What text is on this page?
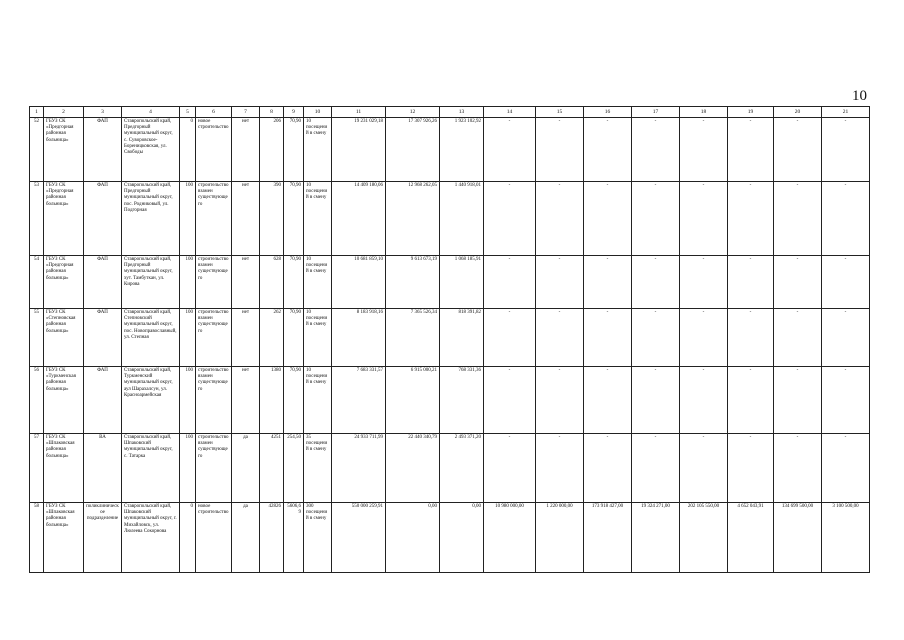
10
1	2	3	4	5	6	7	8	9	10	11	12	13	14	15	16	17	18	19	20	21
52	ГБУЗ СК «Предгорная районная больница»	ФАП	Ставропольский край, Предгорный муниципальный округ, с. Суворовское-Бореницковская, ул. Свободы	0	новое строительство	нет	206	70,90	10 посещений в смену	19 231 029,18	17 307 926,26	1 923 102,92	-	-	-	-	-	-	-	-
53	ГБУЗ СК «Предгорная районная больница»	ФАП	Ставропольский край, Предгорный муниципальный округ, пос. Родниковый, ул. Подгорная	100	строительство взамен существующего	нет	390	70,90	10 посещений в смену	14 409 180,06	12 968 262,05	1 440 918,01	-	-	-	-	-	-	-	-
54	ГБУЗ СК «Предгорная районная больница»	ФАП	Ставропольский край, Предгорный муниципальный округ, хут. Тамбуткан, ул. Кирова	100	строительство взамен существующего	нет	628	70,90	10 посещений в смену	10 681 859,10	9 613 673,19	1 068 185,91	-	-	-	-	-	-	-	-
55	ГБУЗ СК «Степновская районная больница»	ФАП	Ставропольский край, Степновский муниципальный округ, пос. Новоправославный, ул. Степная	100	строительство взамен существующего	нет	262	70,90	10 посещений в смену	8 183 918,16	7 365 526,34	818 391,82	-	-	-	-	-	-	-	-
56	ГБУЗ СК «Туркменская районная больница»	ФАП	Ставропольский край, Туркменский муниципальный округ, аул Шарахалсун, ул. Красноармейская	100	строительство взамен существующего	нет	1380	70,90	10 посещений в смену	7 683 331,57	6 915 000,21	768 331,36	-	-	-	-	-	-	-	-
57	ГБУЗ СК «Шпаковская районная больница»	ВА	Ставропольский край, Шпаковский муниципальный округ, с. Татарка	100	строительство взамен существующего	да	4251	254,50	35 посещений в смену	24 933 711,99	22 440 340,79	2 493 371,20	-	-	-	-	-	-	-	-
58	ГБУЗ СК «Шпаковская районная больница»	поликлиническое подразделение	Ставропольский край, Шпаковский муниципальный округ, г. Михайловск, ул. Люлеева Сокорнова	0	новое строительство	да	42826	5606,69	300 посещений в смену	550 000 259,91	0,00	0,00	10 980 000,00	1 220 000,00	173 918 427,00	19 324 271,00	202 105 550,00	4 652 043,91	134 699 500,00	3 100 500,00
